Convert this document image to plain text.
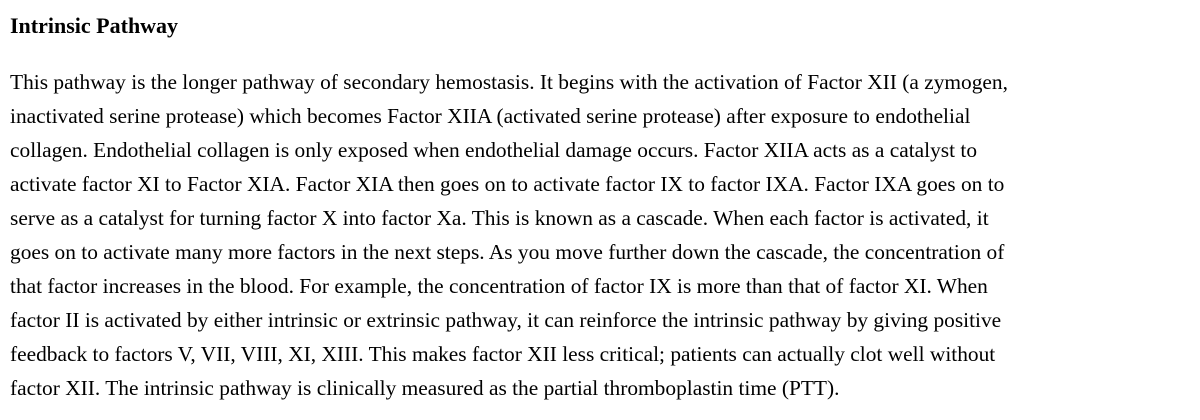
Intrinsic Pathway

This pathway is the longer pathway of secondary hemostasis. It begins with the activation of Factor XII (a zymogen,
inactivated serine protease) which becomes Factor XIIA (activated serine protease) after exposure to endothelial
collagen. Endothelial collagen is only exposed when endothelial damage occurs. Factor XIIA acts as a catalyst to
activate factor XI to Factor XIA. Factor XIA then goes on to activate factor IX to factor IXA. Factor IXA goes on to
serve as a catalyst for turning factor X into factor Xa. This is known as a cascade. When each factor is activated, it
goes on to activate many more factors in the next steps. As you move further down the cascade, the concentration of
that factor increases in the blood. For example, the concentration of factor IX is more than that of factor XI. When
factor II is activated by either intrinsic or extrinsic pathway, it can reinforce the intrinsic pathway by giving positive
feedback to factors V, VII, VIII, XI, XIII. This makes factor XII less critical; patients can actually clot well without
factor XII. The intrinsic pathway is clinically measured as the partial thromboplastin time (PTT).
